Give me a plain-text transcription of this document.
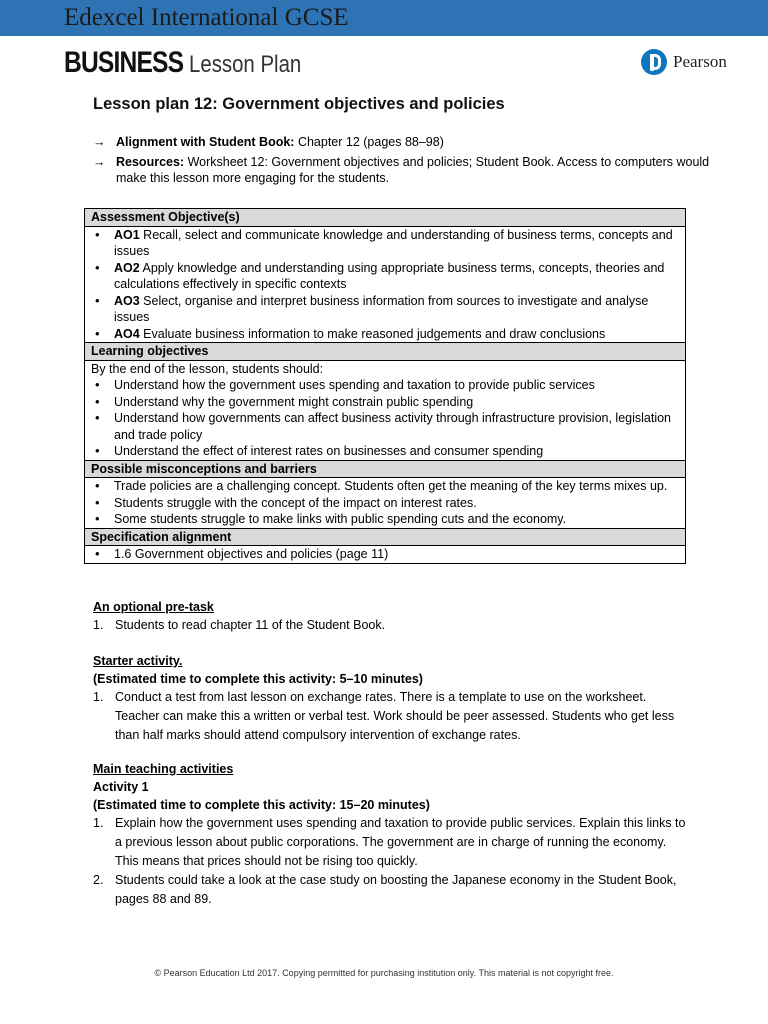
Edexcel International GCSE
BUSINESS Lesson Plan	Pearson
Lesson plan 12: Government objectives and policies
→ Alignment with Student Book: Chapter 12 (pages 88–98)
→ Resources: Worksheet 12: Government objectives and policies; Student Book. Access to computers would make this lesson more engaging for the students.
Assessment Objective(s)

• AO1 Recall, select and communicate knowledge and understanding of business terms, concepts and issues
• AO2 Apply knowledge and understanding using appropriate business terms, concepts, theories and calculations effectively in specific contexts
• AO3 Select, organise and interpret business information from sources to investigate and analyse issues
• AO4 Evaluate business information to make reasoned judgements and draw conclusions

Learning objectives

By the end of the lesson, students should:
• Understand how the government uses spending and taxation to provide public services
• Understand why the government might constrain public spending
• Understand how governments can affect business activity through infrastructure provision, legislation and trade policy
• Understand the effect of interest rates on businesses and consumer spending

Possible misconceptions and barriers

• Trade policies are a challenging concept. Students often get the meaning of the key terms mixes up.
• Students struggle with the concept of the impact on interest rates.
• Some students struggle to make links with public spending cuts and the economy.

Specification alignment

• 1.6 Government objectives and policies (page 11)
An optional pre-task
1. Students to read chapter 11 of the Student Book.
Starter activity.
(Estimated time to complete this activity: 5–10 minutes)
1. Conduct a test from last lesson on exchange rates. There is a template to use on the worksheet. Teacher can make this a written or verbal test. Work should be peer assessed. Students who get less than half marks should attend compulsory intervention of exchange rates.
Main teaching activities
Activity 1
(Estimated time to complete this activity: 15–20 minutes)
1. Explain how the government uses spending and taxation to provide public services. Explain this links to a previous lesson about public corporations. The government are in charge of running the economy. This means that prices should not be rising too quickly.
2. Students could take a look at the case study on boosting the Japanese economy in the Student Book, pages 88 and 89.
© Pearson Education Ltd 2017. Copying permitted for purchasing institution only. This material is not copyright free.
